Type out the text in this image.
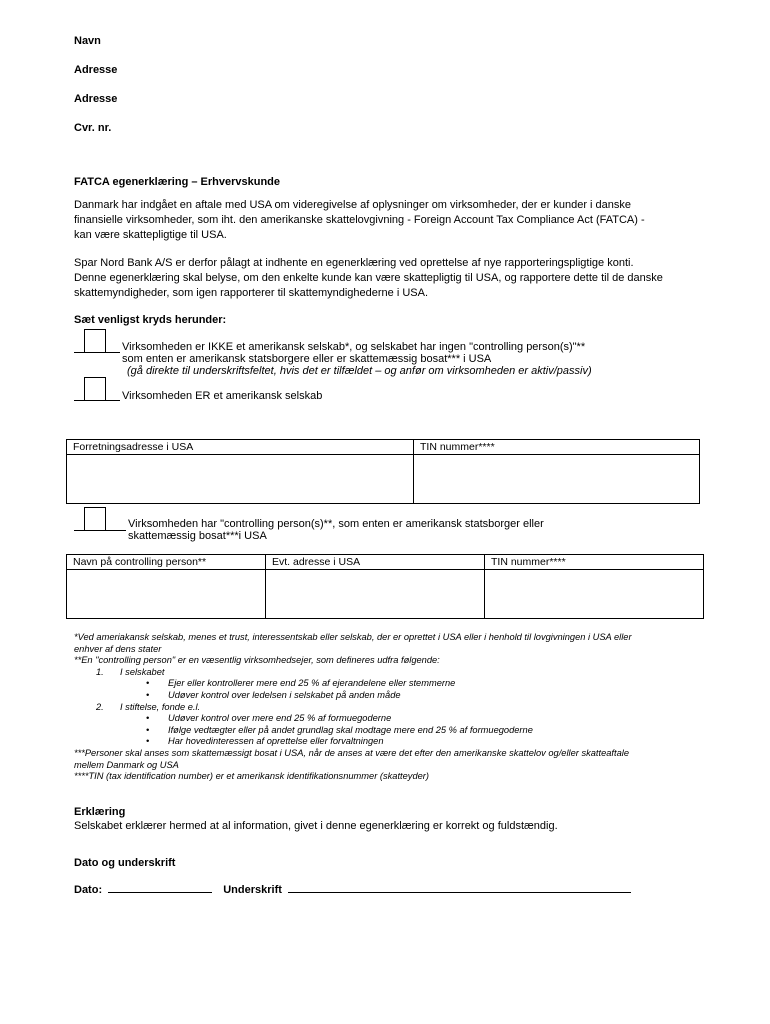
Navn
Adresse
Adresse
Cvr. nr.
FATCA egenerklæring – Erhvervskunde
Danmark har indgået en aftale med USA om videregivelse af oplysninger om virksomheder, der er kunder i danske
finansielle virksomheder, som iht. den amerikanske skattelovgivning - Foreign Account Tax Compliance Act (FATCA) -
kan være skattepligtige til USA.
Spar Nord Bank A/S er derfor pålagt at indhente en egenerklæring ved oprettelse af nye rapporteringspligtige konti.
Denne egenerklæring skal belyse, om den enkelte kunde kan være skattepligtig til USA, og rapportere dette til de danske
skattemyndigheder, som igen rapporterer til skattemyndighederne i USA.
Sæt venligst kryds herunder:
Virksomheden er IKKE et amerikansk selskab*, og selskabet har ingen "controlling person(s)"**
som enten er amerikansk statsborgere eller er skattemæssig bosat*** i USA
(gå direkte til underskriftsfeltet, hvis det er tilfældet – og anfør om virksomheden er aktiv/passiv)
Virksomheden ER et amerikansk selskab
Forretningsadresse i USA	TIN nummer****

Virksomheden har "controlling person(s)**, som enten er amerikansk statsborger eller
skattemæssig bosat***i USA
Navn på controlling person**	Evt. adresse i USA	TIN nummer****

*Ved ameriakansk selskab, menes et trust, interessentskab eller selskab, der er oprettet i USA eller i henhold til lovgivningen i USA eller
enhver af dens stater
**En "controlling person" er en væsentlig virksomhedsejer, som defineres udfra følgende:
1. I selskabet
• Ejer eller kontrollerer mere end 25 % af ejerandelene eller stemmerne
• Udøver kontrol over ledelsen i selskabet på anden måde
2. I stiftelse, fonde e.l.
• Udøver kontrol over mere end 25 % af formuegoderne
• Ifølge vedtægter eller på andet grundlag skal modtage mere end 25 % af formuegoderne
• Har hovedinteressen af oprettelse eller forvaltningen
***Personer skal anses som skattemæssigt bosat i USA, når de anses at være det efter den amerikanske skattelov og/eller skatteaftale
mellem Danmark og USA
****TIN (tax identification number) er et amerikansk identifikationsnummer (skatteyder)
Erklæring
Selskabet erklærer hermed at al information, givet i denne egenerklæring er korrekt og fuldstændig.
Dato og underskrift
Dato:	Underskrift
